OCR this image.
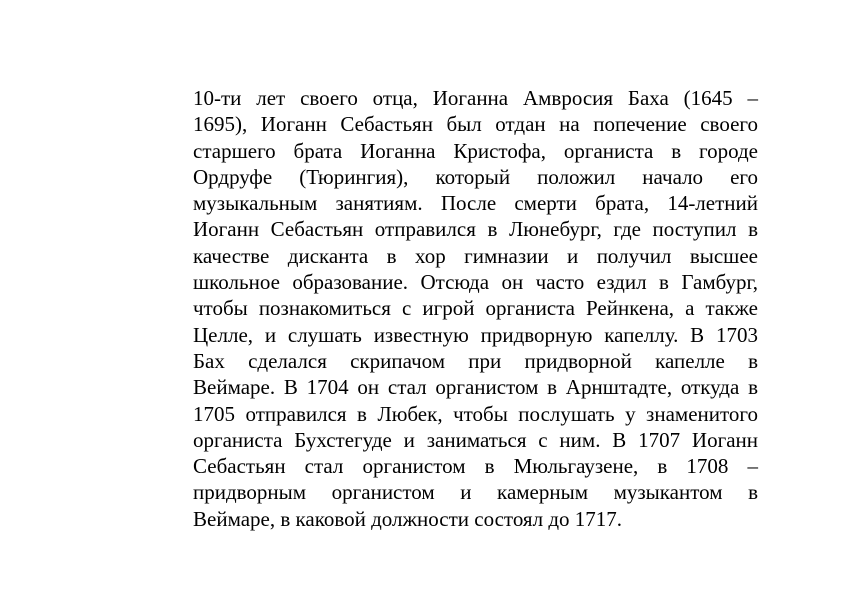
10-ти лет своего отца, Иоганна Амвросия Баха (1645 –
1695), Иоганн Себастьян был отдан на попечение своего
старшего брата Иоганна Кристофа, органиста в городе
Ордруфе (Тюрингия), который положил начало его
музыкальным занятиям. После смерти брата, 14-летний
Иоганн Себастьян отправился в Люнебург, где поступил в
качестве дисканта в хор гимназии и получил высшее
школьное образование. Отсюда он часто ездил в Гамбург,
чтобы познакомиться с игрой органиста Рейнкена, а также
Целле, и слушать известную придворную капеллу. В 1703
Бах сделался скрипачом при придворной капелле в
Веймаре. В 1704 он стал органистом в Арнштадте, откуда в
1705 отправился в Любек, чтобы послушать у знаменитого
органиста Бухстегуде и заниматься с ним. В 1707 Иоганн
Себастьян стал органистом в Мюльгаузене, в 1708 –
придворным органистом и камерным музыкантом в
Веймаре, в каковой должности состоял до 1717.
